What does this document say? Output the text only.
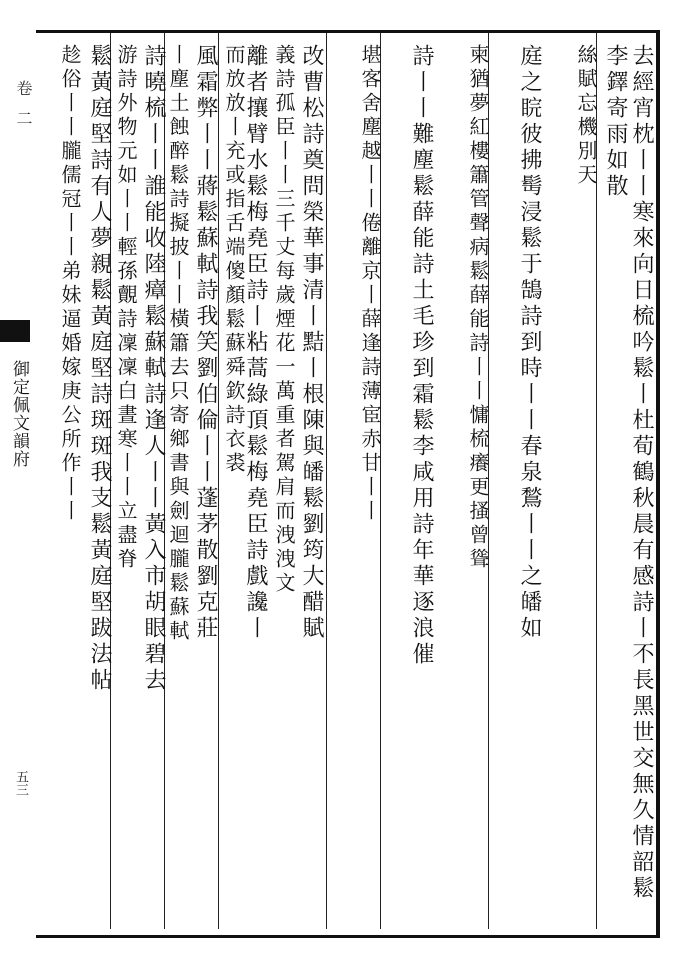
卷二
御定佩文韻府
五三	去經宵枕丨丨寒來向日梳吟鬆丨杜荀鶴秋晨有感詩丨不長黑世交無久情韶鬆李鐸寄雨如散
絲賦忘機別天
庭之睆彼拂髩浸鬆于鵠詩到時丨丨春泉鶖丨丨之皤如
柬猶夢紅樓簫管聲病鬆薛能詩丨丨慵梳癢更搔曾聳
詩丨丨難塵鬆薛能詩土毛珍到霜鬆李咸用詩年華逐浪催
堪客舍塵越丨丨倦離京丨薛逢詩薄宦赤甘丨丨
改曹松詩奠問榮華事清丨黠丨根陳與皤鬆劉筠大醋賦
義詩孤臣丨丨三千丈每歲煙花一萬重者駕肩而洩洩文
離者攘臂水鬆梅堯臣詩丨粘蒿綠頂鬆梅堯臣詩戲讒丨
而放放丨充或指舌端傻顏鬆蘇舜欽詩衣裘
風霜弊丨丨蔣鬆蘇軾詩我笑劉伯倫丨丨蓬茅散劉克莊
丨塵土蝕醉鬆詩擬披丨丨橫簫去只寄鄉書與劍迴朧鬆蘇軾
詩曉梳丨丨誰能收陸瘴鬆蘇軾詩逢人丨丨黃入市胡眼碧去
游詩外物元如丨丨輕孫覿詩凜凜白晝寒丨丨立盡脊
鬆黃庭堅詩有人夢親鬆黃庭堅詩斑斑我支鬆黃庭堅跋法帖
趁俗丨丨朧儒冠丨丨弟妹逼婚嫁庚公所作丨丨
